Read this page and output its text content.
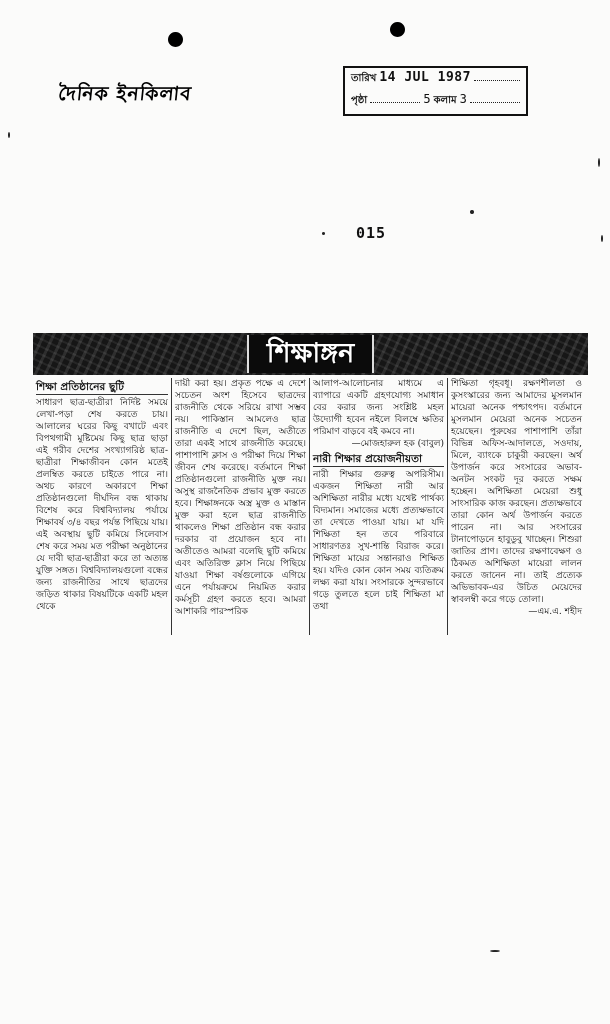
দৈনিক ইনকিলাব
তারিখ 14 JUL 1987
পৃষ্ঠা	5 কলাম 3
015
শিক্ষাঙ্গন
শিক্ষা প্রতিষ্ঠানের ছুটি

সাধারণ ছাত্র-ছাত্রীরা নির্দিষ্ট সময়ে লেখা-পড়া শেষ করতে চায়। আলালের ঘরের কিছু বখাটে এবং বিপথগামী মুষ্টিমেয় কিছু ছাত্র ছাড়া এই গরীব দেশের সংখ্যাগরিষ্ঠ ছাত্র-ছাত্রীরা শিক্ষাজীবন কোন মতেই প্রলম্বিত করতে চাইতে পারে না। অথচ কারণে অকারণে শিক্ষা প্রতিষ্ঠানগুলো দীর্ঘদিন বন্ধ থাকায় বিশেষ করে বিশ্ববিদ্যালয় পর্যায়ে শিক্ষাবর্ষ ৩/৪ বছর পর্যন্ত পিছিয়ে যায়। এই অবস্থায় ছুটি কমিয়ে সিলেবাস শেষ করে সময় মত পরীক্ষা অনুষ্ঠানের যে দাবী ছাত্র-ছাত্রীরা করে তা অত্যন্ত যুক্তি সঙ্গত। বিশ্ববিদ্যালয়গুলো বন্ধের জন্য রাজনীতির সাথে ছাত্রদের জড়িত থাকার বিষয়টিকে একটি মহল থেকে

দায়ী করা হয়। প্রকৃত পক্ষে এ দেশে সচেতন অংশ হিসেবে ছাত্রদের রাজনীতি থেকে সরিয়ে রাখা সম্ভব নয়। পাকিস্তান আমলেও ছাত্র রাজনীতি এ দেশে ছিল, অতীতে তারা একই সাথে রাজনীতি করেছে। পাশাপাশি ক্লাস ও পরীক্ষা দিয়ে শিক্ষা জীবন শেষ করেছে। বর্তমানে শিক্ষা প্রতিষ্ঠানগুলো রাজনীতি মুক্ত নয়। অসুস্থ রাজনৈতিক প্রভাব মুক্ত করতে হবে। শিক্ষাঙ্গনকে অস্ত্র মুক্ত ও মাস্তান মুক্ত করা হলে ছাত্র রাজনীতি থাকলেও শিক্ষা প্রতিষ্ঠান বন্ধ করার দরকার বা প্রয়োজন হবে না। অতীতেও আমরা বলেছি ছুটি কমিয়ে এবং অতিরিক্ত ক্লাস নিয়ে পিছিয়ে যাওয়া শিক্ষা বর্ষগুলোকে এগিয়ে এনে পর্যায়ক্রমে নিয়মিত করার কর্মসূচী গ্রহণ করতে হবে। আমরা আশাকরি পারস্পরিক

আলাপ-আলোচনার মাধ্যমে এ ব্যাপারে একটি গ্রহণযোগ্য সমাধান বের করার জন্য সংশ্লিষ্ট মহল উদ্যোগী হবেন নইলে বিলম্বে ক্ষতির পরিমাণ বাড়বে বই কমবে না।

—মোজহারুল হক (বাবুল)

নারী শিক্ষার প্রয়োজনীয়তা

নারী শিক্ষার গুরুত্ব অপরিসীম। একজন শিক্ষিতা নারী আর অশিক্ষিতা নারীর মধ্যে যথেষ্ট পার্থক্য বিদ্যমান। সমাজের মধ্যে প্রত্যক্ষভাবে তা দেখতে পাওয়া যায়। মা যদি শিক্ষিতা হন তবে পরিবারে সাধারণতঃ সুখ-শান্তি বিরাজ করে। শিক্ষিতা মায়ের সন্তানরাও শিক্ষিত হয়। যদিও কোন কোন সময় ব্যতিক্রম লক্ষ্য করা যায়। সংসারকে সুন্দরভাবে গড়ে তুলতে হলে চাই শিক্ষিতা মা তথা

শিক্ষিতা গৃহবধূ। রক্ষণশীলতা ও কুসংস্কারের জন্য আমাদের মুসলমান মায়েরা অনেক পশ্চাৎপদ। বর্তমানে মুসলমান মেয়েরা অনেক সচেতন হয়েছেন। পুরুষের পাশাপাশি তাঁরা বিভিন্ন অফিস-আদালতে, সওদায়, মিলে, ব্যাংকে চাকুরী করছেন। অর্থ উপার্জন করে সংসারের অভাব-অনটন সংকট দূর করতে সক্ষম হচ্ছেন। অশিক্ষিতা মেয়েরা শুধু সাংসারিক কাজ করছেন। প্রত্যক্ষভাবে তারা কোন অর্থ উপার্জন করতে পারেন না। আর সংসারের টানাপোড়নে হাবুডুবু খাচ্ছেন। শিশুরা জাতির প্রাণ। তাদের রক্ষণাবেক্ষণ ও ঠিকমত অশিক্ষিতা মায়েরা লালন করতে জানেন না। তাই প্রত্যেক অভিভাবক-এর উচিত মেয়েদের স্বাবলম্বী করে গড়ে তোলা।

—এম.এ. শহীদ
